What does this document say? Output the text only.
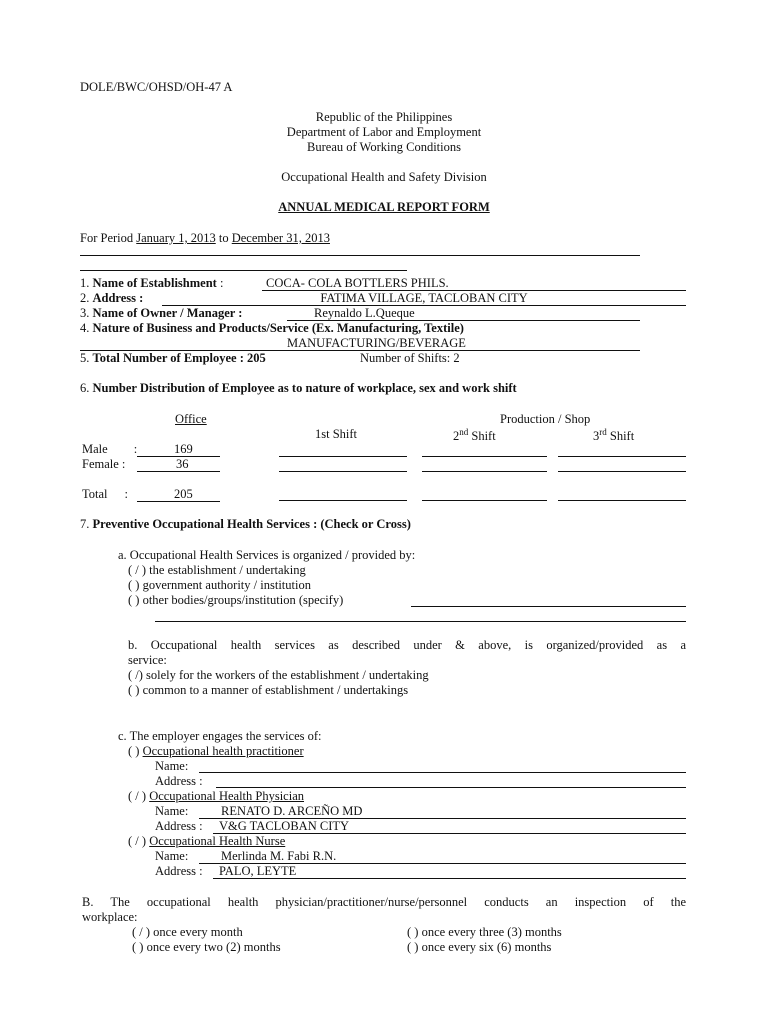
DOLE/BWC/OHSD/OH-47 A
Republic of the Philippines
Department of Labor and Employment
Bureau of Working Conditions
Occupational Health and Safety Division
ANNUAL MEDICAL REPORT FORM
For Period January 1, 2013 to December 31, 2013
1. Name of Establishment :	COCA- COLA BOTTLERS PHILS.
2. Address :	FATIMA VILLAGE, TACLOBAN CITY
3. Name of Owner / Manager :	Reynaldo L.Queque
4. Nature of Business and Products/Service (Ex. Manufacturing, Textile)
MANUFACTURING/BEVERAGE
5. Total Number of Employee : 205	Number of Shifts: 2
6. Number Distribution of Employee as to nature of workplace, sex and work shift
Office	Production / Shop
1st Shift	2nd Shift	3rd Shift
Male :	169
Female :	36
Total :	205
7. Preventive Occupational Health Services : (Check or Cross)
a. Occupational Health Services is organized / provided by:
( / ) the establishment / undertaking
( ) government authority / institution
( ) other bodies/groups/institution (specify)
b. Occupational health services as described under & above, is organized/provided as a
service:
( /) solely for the workers of the establishment / undertaking
( ) common to a manner of establishment / undertakings
c. The employer engages the services of:
( ) Occupational health practitioner
Name:
Address :
( / ) Occupational Health Physician
Name:	RENATO D. ARCEÑO MD
Address :	V&G TACLOBAN CITY
( / ) Occupational Health Nurse
Name:	Merlinda M. Fabi R.N.
Address :	PALO, LEYTE
B. The occupational health physician/practitioner/nurse/personnel conducts an inspection of the
workplace:
( / ) once every month	( ) once every three (3) months
( ) once every two (2) months	( ) once every six (6) months
